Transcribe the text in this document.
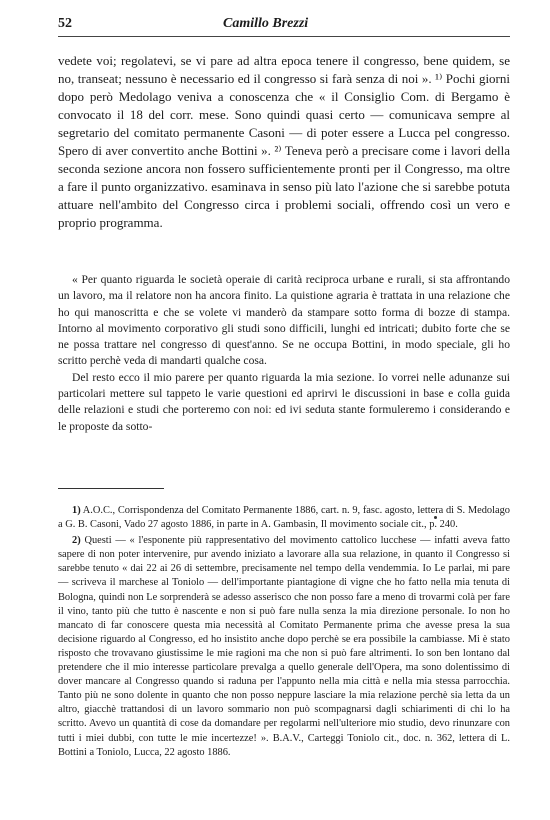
52	Camillo Brezzi

vedete voi; regolatevi, se vi pare ad altra epoca tenere il congresso, bene quidem, se no, transeat; nessuno è necessario ed il congresso si farà senza di noi ». ¹⁾ Pochi giorni dopo però Medolago veniva a conoscenza che « il Consiglio Com. di Bergamo è convocato il 18 del corr. mese. Sono quindi quasi certo — comunicava sempre al segretario del comitato permanente Casoni — di poter essere a Lucca pel congresso. Spero di aver convertito anche Bottini ». ²⁾ Teneva però a precisare come i lavori della seconda sezione ancora non fossero sufficientemente pronti per il Congresso, ma oltre a fare il punto organizzativo. esaminava in senso più lato l'azione che si sarebbe potuta attuare nell'ambito del Congresso circa i problemi sociali, offrendo così un vero e proprio programma.

« Per quanto riguarda le società operaie di carità reciproca urbane e rurali, si sta affrontando un lavoro, ma il relatore non ha ancora finito. La quistione agraria è trattata in una relazione che ho qui manoscritta e che se volete vi manderò da stampare sotto forma di bozze di stampa. Intorno al movimento corporativo gli studi sono difficili, lunghi ed intricati; dubito forte che se ne possa trattare nel congresso di quest'anno. Se ne occupa Bottini, in modo speciale, gli ho scritto perchè veda di mandarti qualche cosa.

Del resto ecco il mio parere per quanto riguarda la mia sezione. Io vorrei nelle adunanze sui particolari mettere sul tappeto le varie questioni ed aprirvi le discussioni in base e colla guida delle relazioni e studi che porteremo con noi: ed ivi seduta stante formuleremo i considerando e le proposte da sotto-

1) A.O.C., Corrispondenza del Comitato Permanente 1886, cart. n. 9, fasc. agosto, lettera di S. Medolago a G. B. Casoni, Vado 27 agosto 1886, in parte in A. Gambasin, Il movimento sociale cit., p. 240.

2) Questi — « l'esponente più rappresentativo del movimento cattolico lucchese — infatti aveva fatto sapere di non poter intervenire, pur avendo iniziato a lavorare alla sua relazione, in quanto il Congresso si sarebbe tenuto « dai 22 ai 26 di settembre, precisamente nel tempo della vendemmia. Io Le parlai, mi pare — scriveva il marchese al Toniolo — dell'importante piantagione di vigne che ho fatto nella mia tenuta di Bologna, quindi non Le sorprenderà se adesso asserisco che non posso fare a meno di trovarmi colà per fare il vino, tanto più che tutto è nascente e non si può fare nulla senza la mia direzione personale. Io non ho mancato di far conoscere questa mia necessità al Comitato Permanente prima che avesse presa la sua decisione riguardo al Congresso, ed ho insistito anche dopo perchè se era possibile la cambiasse. Mi è stato risposto che trovavano giustissime le mie ragioni ma che non si può fare altrimenti. Io son ben lontano dal pretendere che il mio interesse particolare prevalga a quello generale dell'Opera, ma sono dolentissimo di dover mancare al Congresso quando si raduna per l'appunto nella mia città e nella mia stessa parrocchia. Tanto più ne sono dolente in quanto che non posso neppure lasciare la mia relazione perchè sia letta da un altro, giacchè trattandosi di un lavoro sommario non può scompagnarsi dagli schiarimenti di chi lo ha scritto. Avevo un quantità di cose da domandare per regolarmi nell'ulteriore mio studio, devo rinunzare con tutti i miei dubbi, con tutte le mie incertezze! ». B.A.V., Carteggi Toniolo cit., doc. n. 362, lettera di L. Bottini a Toniolo, Lucca, 22 agosto 1886.
